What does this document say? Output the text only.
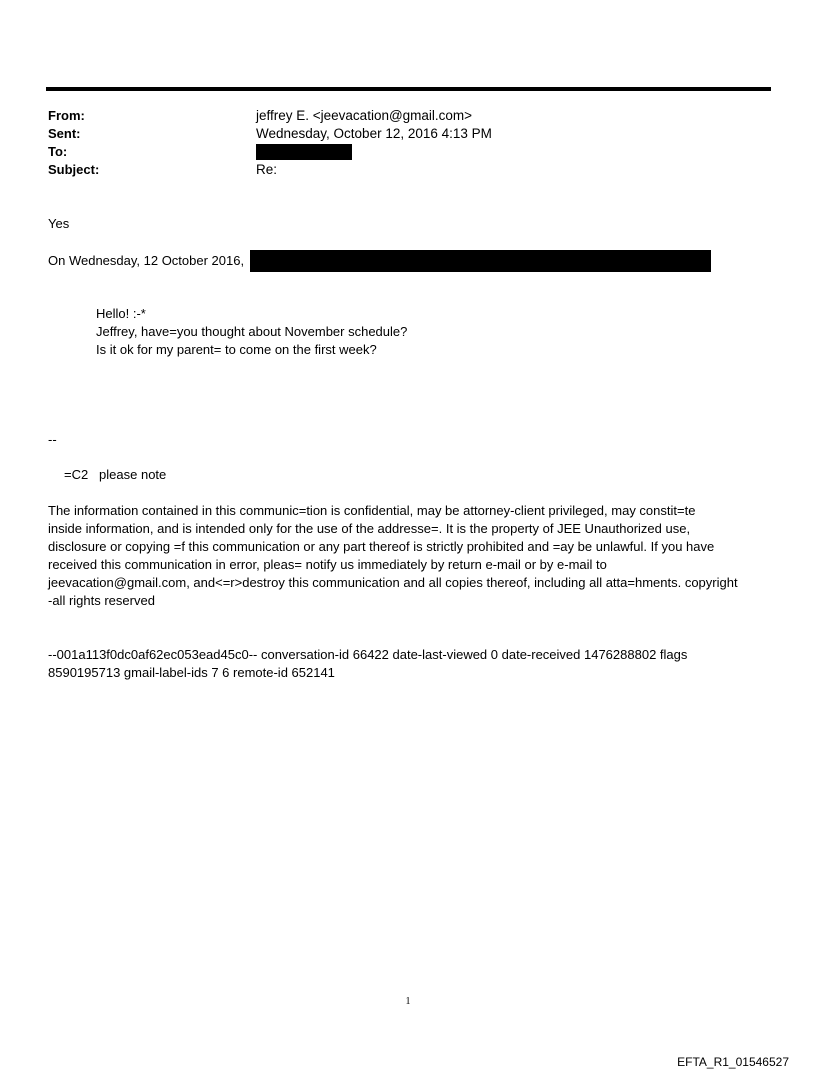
From:	jeffrey E. <jeevacation@gmail.com>
Sent:	Wednesday, October 12, 2016 4:13 PM
To:
Subject:	Re:
Yes
On Wednesday, 12 October 2016,
Hello! :-*
Jeffrey, have=you thought about November schedule?
Is it ok for my parent= to come on the first week?
--
=C2   please note
The information contained in this communic=tion is confidential, may be attorney-client privileged, may constit=te
inside information, and is intended only for the use of the addresse=. It is the property of JEE Unauthorized use,
disclosure or copying =f this communication or any part thereof is strictly prohibited and =ay be unlawful. If you have
received this communication in error, pleas= notify us immediately by return e-mail or by e-mail to
jeevacation@gmail.com, and<=r>destroy this communication and all copies thereof, including all atta=hments. copyright
-all rights reserved
--001a113f0dc0af62ec053ead45c0-- conversation-id 66422 date-last-viewed 0 date-received 1476288802 flags
8590195713 gmail-label-ids 7 6 remote-id 652141
1
EFTA_R1_01546527
